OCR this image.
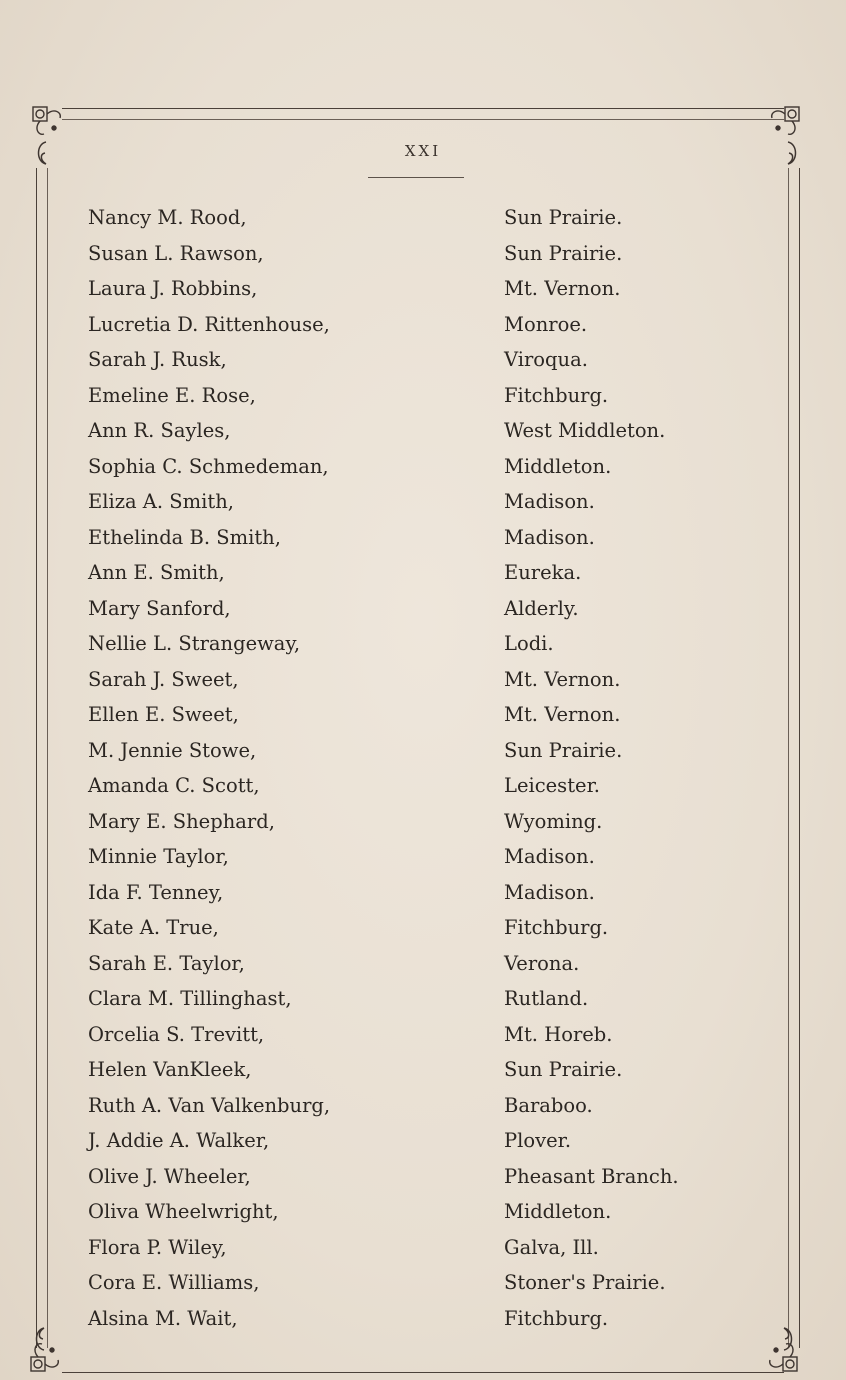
XXI
Nancy M. Rood,	Sun Prairie.
Susan L. Rawson,	Sun Prairie.
Laura J. Robbins,	Mt. Vernon.
Lucretia D. Rittenhouse,	Monroe.
Sarah J. Rusk,	Viroqua.
Emeline E. Rose,	Fitchburg.
Ann R. Sayles,	West Middleton.
Sophia C. Schmedeman,	Middleton.
Eliza A. Smith,	Madison.
Ethelinda B. Smith,	Madison.
Ann E. Smith,	Eureka.
Mary Sanford,	Alderly.
Nellie L. Strangeway,	Lodi.
Sarah J. Sweet,	Mt. Vernon.
Ellen E. Sweet,	Mt. Vernon.
M. Jennie Stowe,	Sun Prairie.
Amanda C. Scott,	Leicester.
Mary E. Shephard,	Wyoming.
Minnie Taylor,	Madison.
Ida F. Tenney,	Madison.
Kate A. True,	Fitchburg.
Sarah E. Taylor,	Verona.
Clara M. Tillinghast,	Rutland.
Orcelia S. Trevitt,	Mt. Horeb.
Helen VanKleek,	Sun Prairie.
Ruth A. Van Valkenburg,	Baraboo.
J. Addie A. Walker,	Plover.
Olive J. Wheeler,	Pheasant Branch.
Oliva Wheelwright,	Middleton.
Flora P. Wiley,	Galva, Ill.
Cora E. Williams,	Stoner's Prairie.
Alsina M. Wait,	Fitchburg.
